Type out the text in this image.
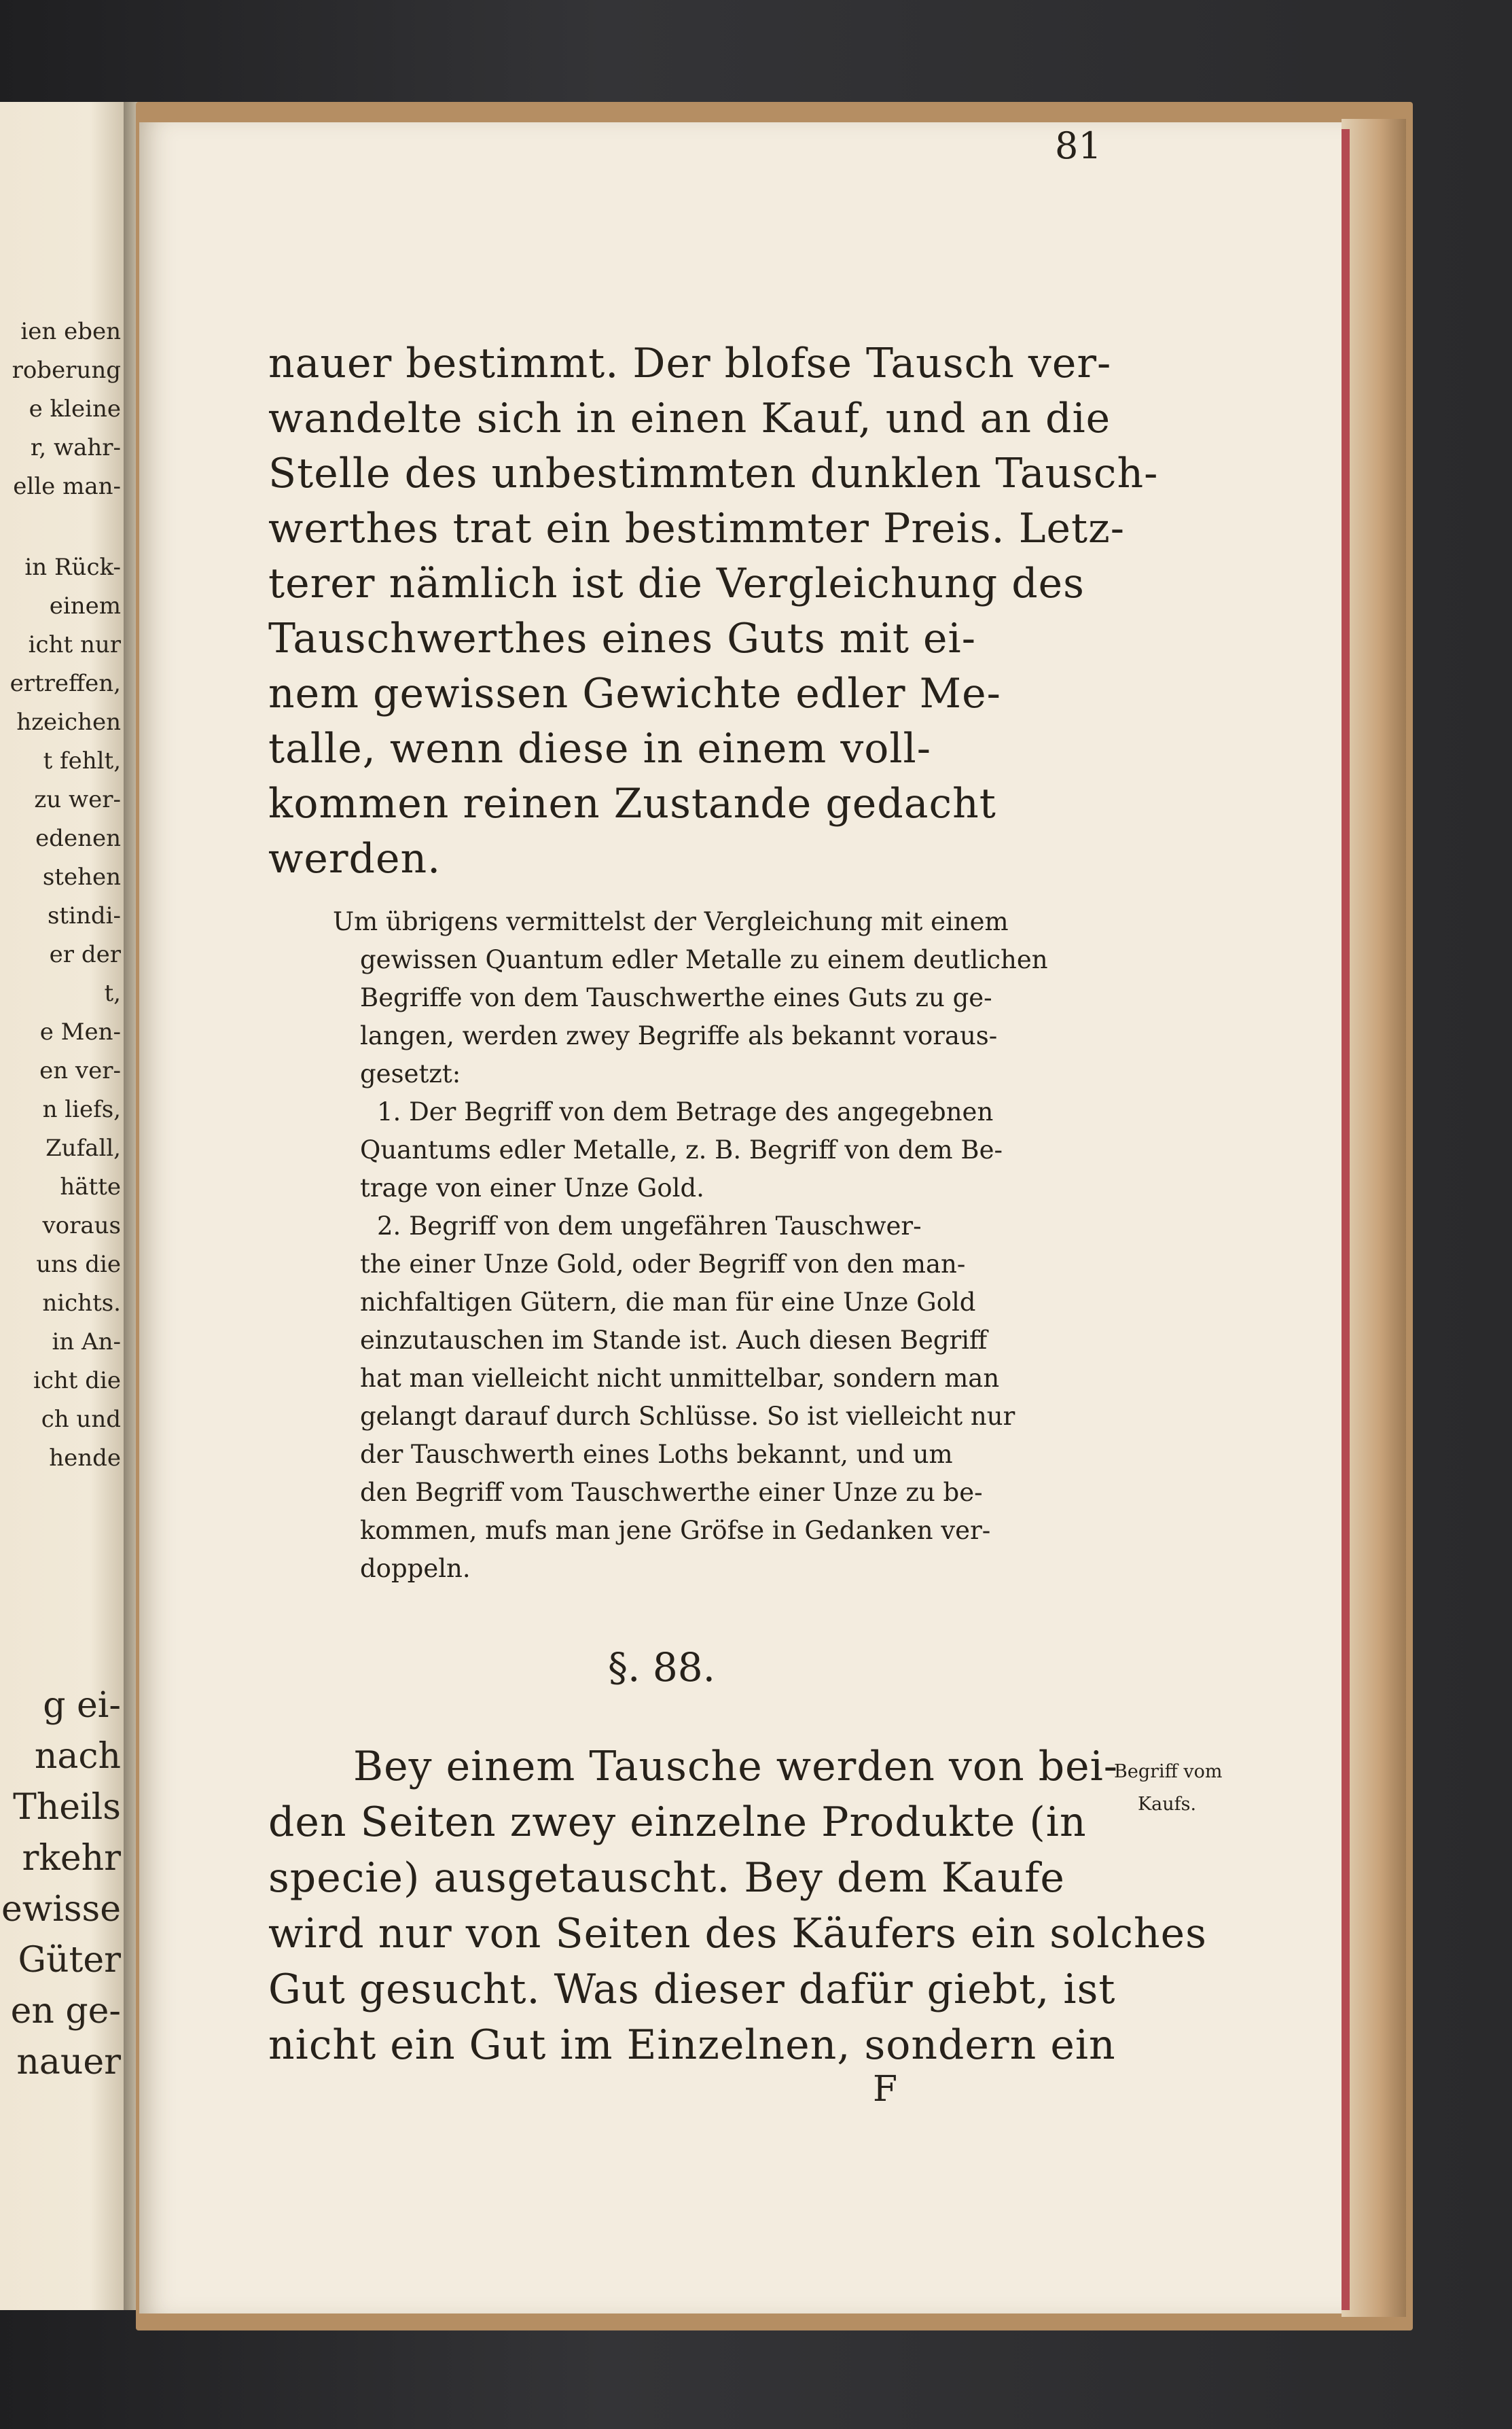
ien eben
roberung
e kleine
r, wahr-
elle man-
in Rück-
einem
icht nur
ertreffen,
hzeichen
t fehlt,
zu wer-
edenen
stehen
stindi-
er der
t,
e Men-
en ver-
n liefs,
Zufall,
hätte
voraus
uns die
nichts.
in An-
icht die
ch und
hende
g ei-
nach
Theils
rkehr
ewisse
Güter
en ge-
nauer
81
nauer bestimmt. Der blofse Tausch ver-
wandelte sich in einen Kauf, und an die
Stelle des unbestimmten dunklen Tausch-
werthes trat ein bestimmter Preis. Letz-
terer nämlich ist die Vergleichung des
Tauschwerthes eines Guts mit ei-
nem gewissen Gewichte edler Me-
talle, wenn diese in einem voll-
kommen reinen Zustande gedacht
werden.
Um übrigens vermittelst der Vergleichung mit einem
gewissen Quantum edler Metalle zu einem deutlichen
Begriffe von dem Tauschwerthe eines Guts zu ge-
langen, werden zwey Begriffe als bekannt voraus-
gesetzt:
1. Der Begriff von dem Betrage des angegebnen
Quantums edler Metalle, z. B. Begriff von dem Be-
trage von einer Unze Gold.
2. Begriff von dem ungefähren Tauschwer-
the einer Unze Gold, oder Begriff von den man-
nichfaltigen Gütern, die man für eine Unze Gold
einzutauschen im Stande ist. Auch diesen Begriff
hat man vielleicht nicht unmittelbar, sondern man
gelangt darauf durch Schlüsse. So ist vielleicht nur
der Tauschwerth eines Loths bekannt, und um
den Begriff vom Tauschwerthe einer Unze zu be-
kommen, mufs man jene Gröfse in Gedanken ver-
doppeln.
§. 88.
Bey einem Tausche werden von bei-
den Seiten zwey einzelne Produkte (in
specie) ausgetauscht. Bey dem Kaufe
wird nur von Seiten des Käufers ein solches
Gut gesucht. Was dieser dafür giebt, ist
nicht ein Gut im Einzelnen, sondern ein
Begriff vom
Kaufs.
F
